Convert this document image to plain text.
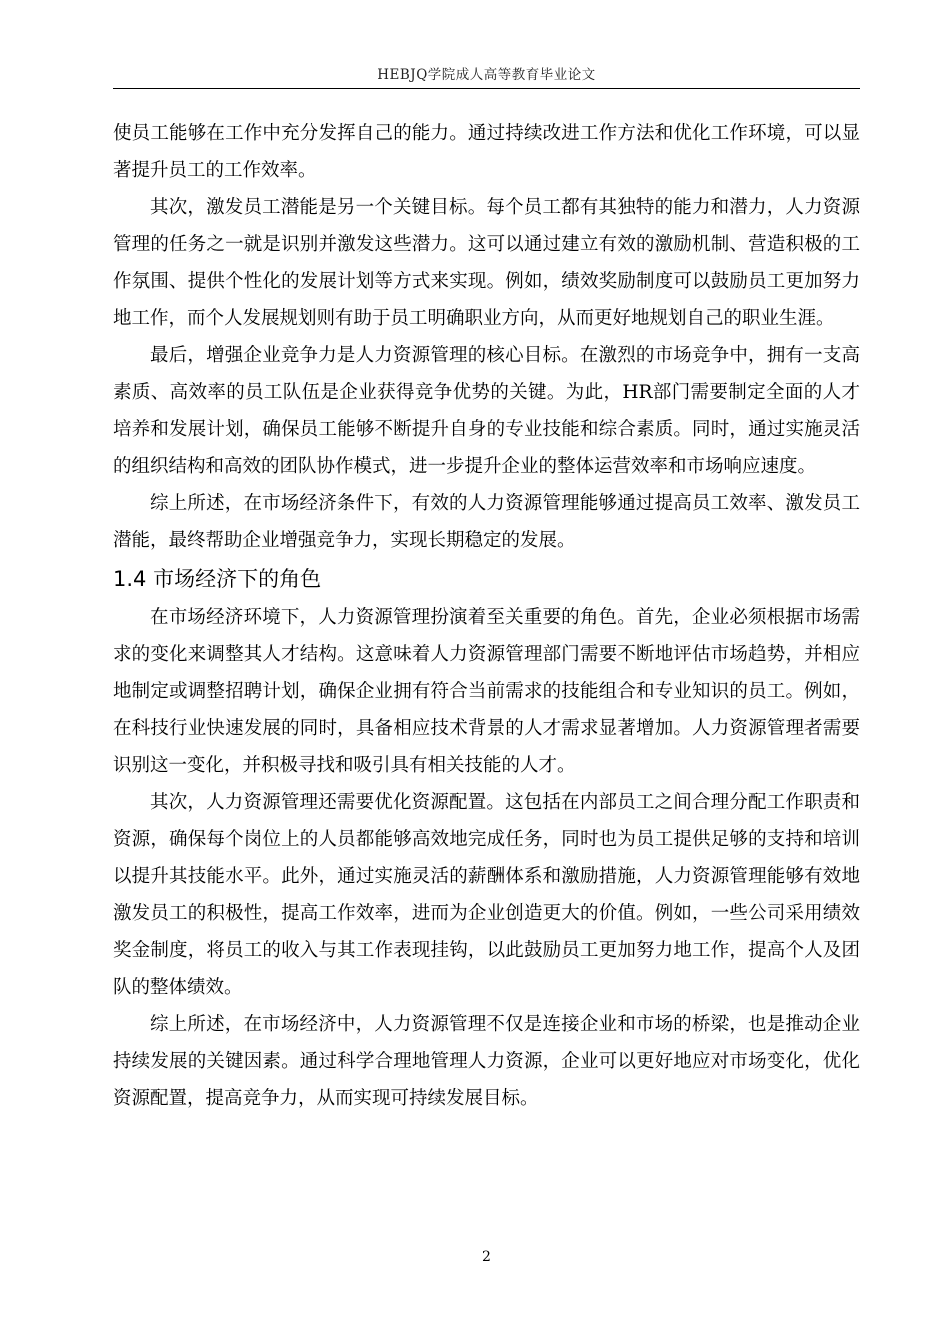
HEBJQ学院成人高等教育毕业论文

使员工能够在工作中充分发挥自己的能力。通过持续改进工作方法和优化工作环境，可以显著提升员工的工作效率。

其次，激发员工潜能是另一个关键目标。每个员工都有其独特的能力和潜力，人力资源管理的任务之一就是识别并激发这些潜力。这可以通过建立有效的激励机制、营造积极的工作氛围、提供个性化的发展计划等方式来实现。例如，绩效奖励制度可以鼓励员工更加努力地工作，而个人发展规划则有助于员工明确职业方向，从而更好地规划自己的职业生涯。

最后，增强企业竞争力是人力资源管理的核心目标。在激烈的市场竞争中，拥有一支高素质、高效率的员工队伍是企业获得竞争优势的关键。为此，HR部门需要制定全面的人才培养和发展计划，确保员工能够不断提升自身的专业技能和综合素质。同时，通过实施灵活的组织结构和高效的团队协作模式，进一步提升企业的整体运营效率和市场响应速度。

综上所述，在市场经济条件下，有效的人力资源管理能够通过提高员工效率、激发员工潜能，最终帮助企业增强竞争力，实现长期稳定的发展。

1.4 市场经济下的角色

在市场经济环境下，人力资源管理扮演着至关重要的角色。首先，企业必须根据市场需求的变化来调整其人才结构。这意味着人力资源管理部门需要不断地评估市场趋势，并相应地制定或调整招聘计划，确保企业拥有符合当前需求的技能组合和专业知识的员工。例如，在科技行业快速发展的同时，具备相应技术背景的人才需求显著增加。人力资源管理者需要识别这一变化，并积极寻找和吸引具有相关技能的人才。

其次，人力资源管理还需要优化资源配置。这包括在内部员工之间合理分配工作职责和资源，确保每个岗位上的人员都能够高效地完成任务，同时也为员工提供足够的支持和培训以提升其技能水平。此外，通过实施灵活的薪酬体系和激励措施，人力资源管理能够有效地激发员工的积极性，提高工作效率，进而为企业创造更大的价值。例如，一些公司采用绩效奖金制度，将员工的收入与其工作表现挂钩，以此鼓励员工更加努力地工作，提高个人及团队的整体绩效。

综上所述，在市场经济中，人力资源管理不仅是连接企业和市场的桥梁，也是推动企业持续发展的关键因素。通过科学合理地管理人力资源，企业可以更好地应对市场变化，优化资源配置，提高竞争力，从而实现可持续发展目标。

2
